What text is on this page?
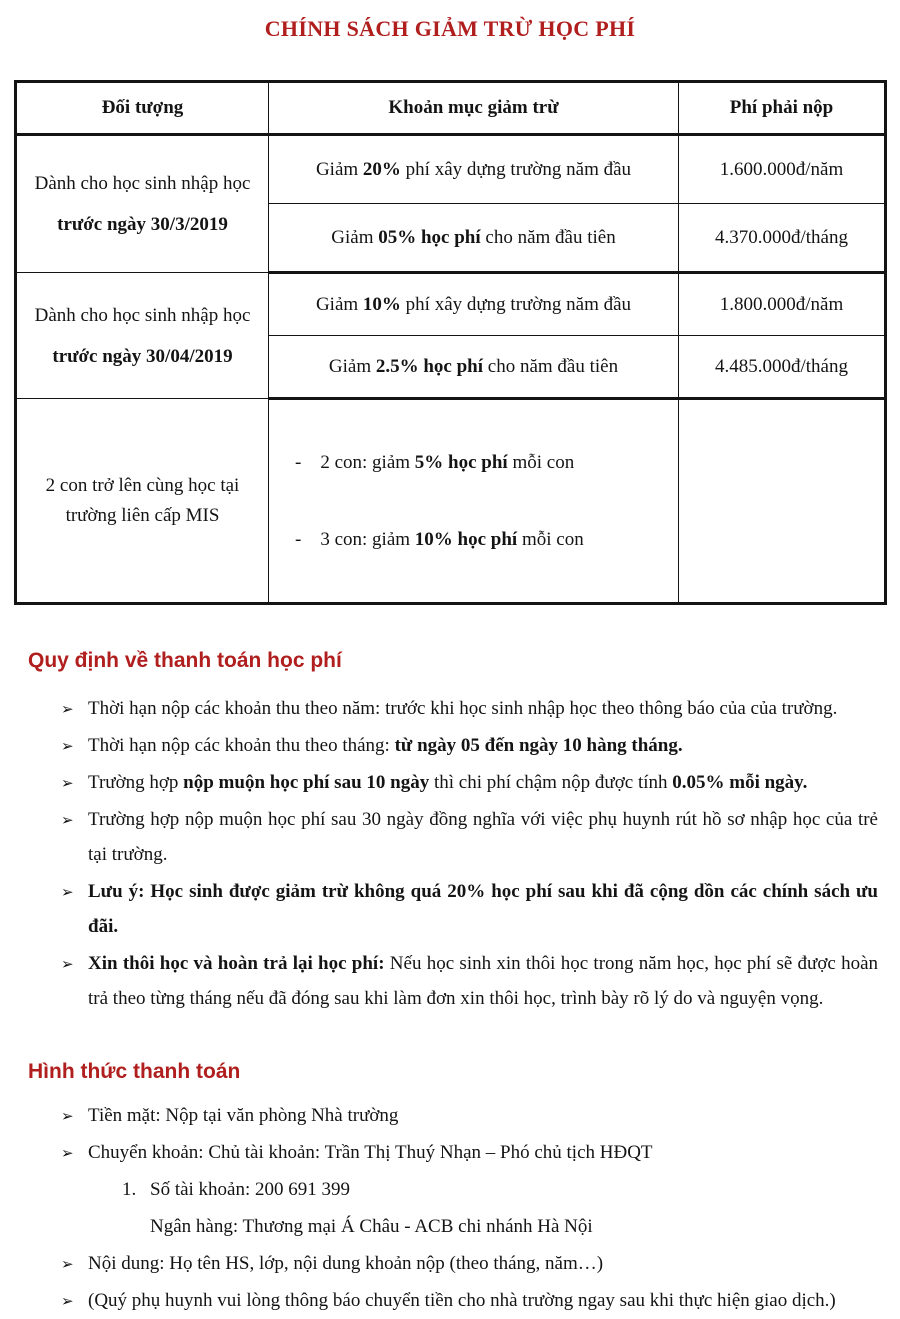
CHÍNH SÁCH GIẢM TRỪ HỌC PHÍ
Đối tượng	Khoản mục giảm trừ	Phí phải nộp

Dành cho học sinh nhập học
trước ngày 30/3/2019	Giảm 20% phí xây dựng trường năm đầu	1.600.000đ/năm
	Giảm 05% học phí cho năm đầu tiên	4.370.000đ/tháng

Dành cho học sinh nhập học
trước ngày 30/04/2019	Giảm 10% phí xây dựng trường năm đầu	1.800.000đ/năm
	Giảm 2.5% học phí cho năm đầu tiên	4.485.000đ/tháng

2 con trở lên cùng học tại
trường liên cấp MIS

-    2 con: giảm 5% học phí mỗi con

-    3 con: giảm 10% học phí mỗi con

Quy định về thanh toán học phí
➢ Thời hạn nộp các khoản thu theo năm: trước khi học sinh nhập học theo thông báo của của trường.
➢ Thời hạn nộp các khoản thu theo tháng: từ ngày 05 đến ngày 10 hàng tháng.
➢ Trường hợp nộp muộn học phí sau 10 ngày thì chi phí chậm nộp được tính 0.05% mỗi ngày.
➢ Trường hợp nộp muộn học phí sau 30 ngày đồng nghĩa với việc phụ huynh rút hồ sơ nhập học của trẻ tại trường.
➢ Lưu ý: Học sinh được giảm trừ không quá 20% học phí sau khi đã cộng dồn các chính sách ưu đãi.
➢ Xin thôi học và hoàn trả lại học phí: Nếu học sinh xin thôi học trong năm học, học phí sẽ được hoàn trả theo từng tháng nếu đã đóng sau khi làm đơn xin thôi học, trình bày rõ lý do và nguyện vọng.
Hình thức thanh toán
➢ Tiền mặt: Nộp tại văn phòng Nhà trường
➢ Chuyển khoản: Chủ tài khoản: Trần Thị Thuý Nhạn – Phó chủ tịch HĐQT
1. Số tài khoản: 200 691 399
Ngân hàng: Thương mại Á Châu - ACB chi nhánh Hà Nội
➢ Nội dung: Họ tên HS, lớp, nội dung khoản nộp (theo tháng, năm…)
➢ (Quý phụ huynh vui lòng thông báo chuyển tiền cho nhà trường ngay sau khi thực hiện giao dịch.)
